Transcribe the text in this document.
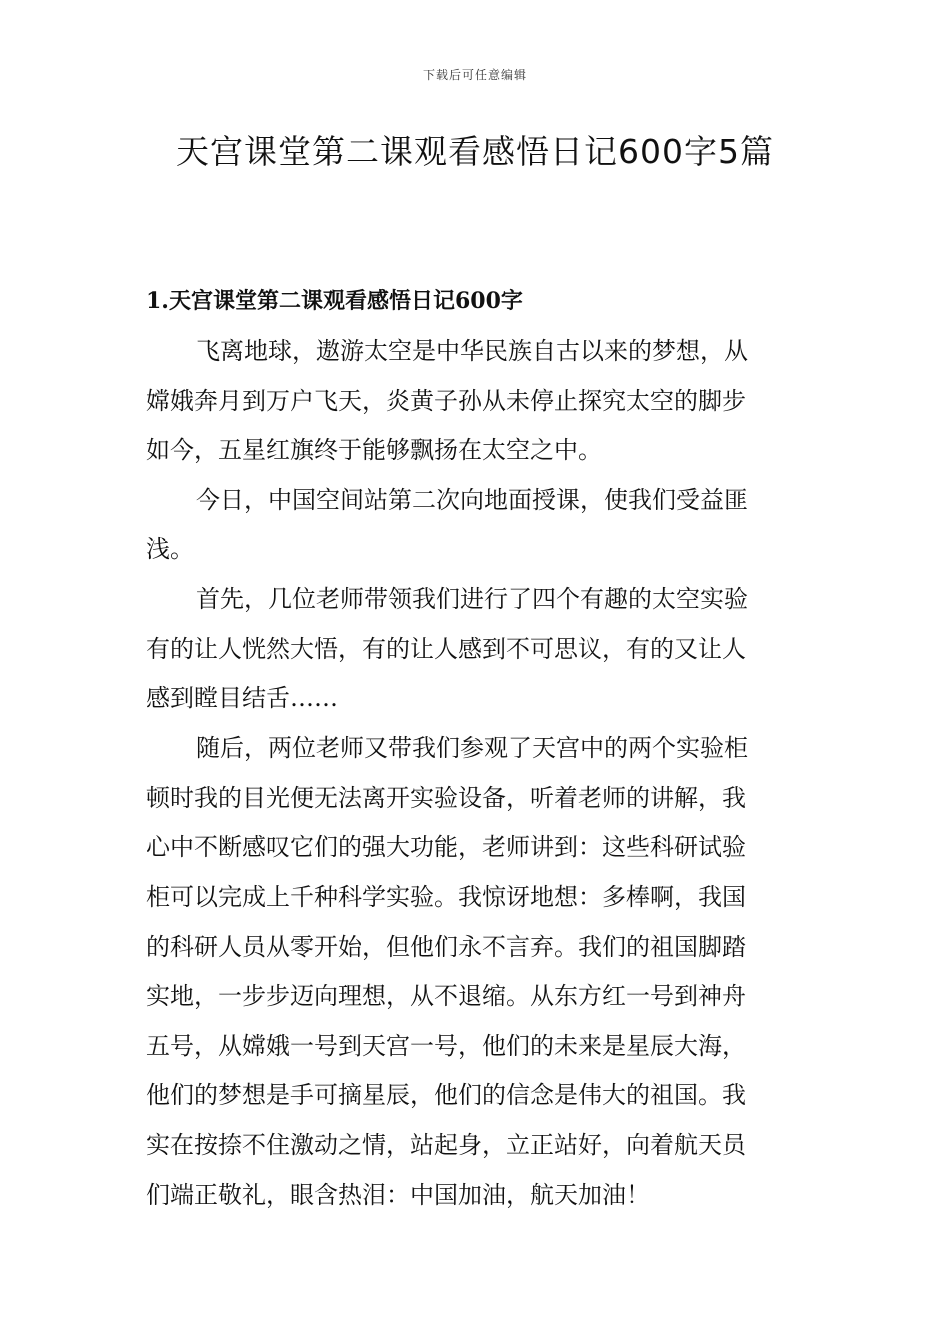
下载后可任意编辑
天宫课堂第二课观看感悟日记600字5篇
1.天宫课堂第二课观看感悟日记600字
飞离地球，遨游太空是中华民族自古以来的梦想，从
嫦娥奔月到万户飞天，炎黄子孙从未停止探究太空的脚步
如今，五星红旗终于能够飘扬在太空之中。
今日，中国空间站第二次向地面授课，使我们受益匪
浅。
首先，几位老师带领我们进行了四个有趣的太空实验
有的让人恍然大悟，有的让人感到不可思议，有的又让人
感到瞠目结舌……
随后，两位老师又带我们参观了天宫中的两个实验柜
顿时我的目光便无法离开实验设备，听着老师的讲解，我
心中不断感叹它们的强大功能，老师讲到：这些科研试验
柜可以完成上千种科学实验。我惊讶地想：多棒啊，我国
的科研人员从零开始，但他们永不言弃。我们的祖国脚踏
实地，一步步迈向理想，从不退缩。从东方红一号到神舟
五号，从嫦娥一号到天宫一号，他们的未来是星辰大海，
他们的梦想是手可摘星辰，他们的信念是伟大的祖国。我
实在按捺不住激动之情，站起身，立正站好，向着航天员
们端正敬礼，眼含热泪：中国加油，航天加油！
